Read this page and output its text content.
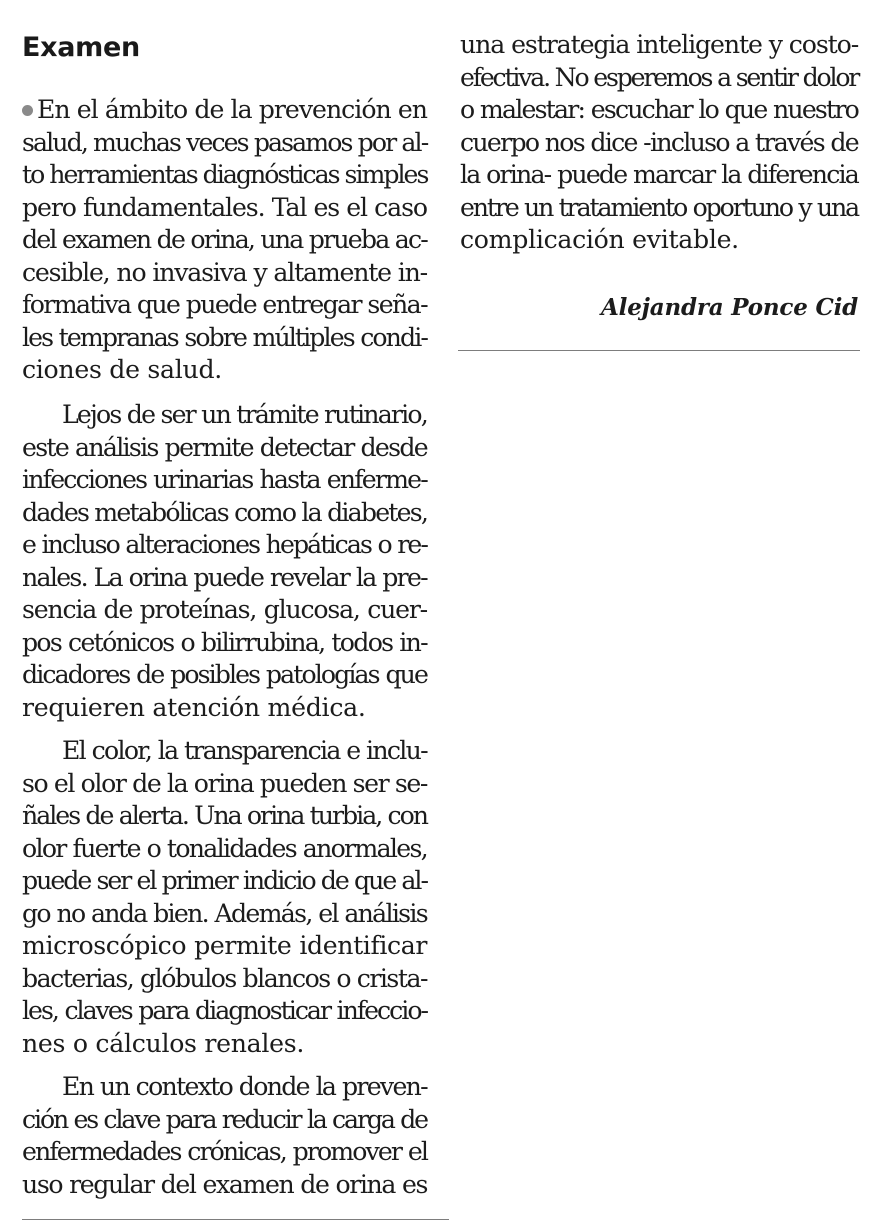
Examen
En el ámbito de la prevención en
salud, muchas veces pasamos por al-
to herramientas diagnósticas simples
pero fundamentales. Tal es el caso
del examen de orina, una prueba ac-
cesible, no invasiva y altamente in-
formativa que puede entregar seña-
les tempranas sobre múltiples condi-
ciones de salud.
Lejos de ser un trámite rutinario,
este análisis permite detectar desde
infecciones urinarias hasta enferme-
dades metabólicas como la diabetes,
e incluso alteraciones hepáticas o re-
nales. La orina puede revelar la pre-
sencia de proteínas, glucosa, cuer-
pos cetónicos o bilirrubina, todos in-
dicadores de posibles patologías que
requieren atención médica.
El color, la transparencia e inclu-
so el olor de la orina pueden ser se-
ñales de alerta. Una orina turbia, con
olor fuerte o tonalidades anormales,
puede ser el primer indicio de que al-
go no anda bien. Además, el análisis
microscópico permite identificar
bacterias, glóbulos blancos o crista-
les, claves para diagnosticar infeccio-
nes o cálculos renales.
En un contexto donde la preven-
ción es clave para reducir la carga de
enfermedades crónicas, promover el
uso regular del examen de orina es
una estrategia inteligente y costo-
efectiva. No esperemos a sentir dolor
o malestar: escuchar lo que nuestro
cuerpo nos dice -incluso a través de
la orina- puede marcar la diferencia
entre un tratamiento oportuno y una
complicación evitable.
Alejandra Ponce Cid
